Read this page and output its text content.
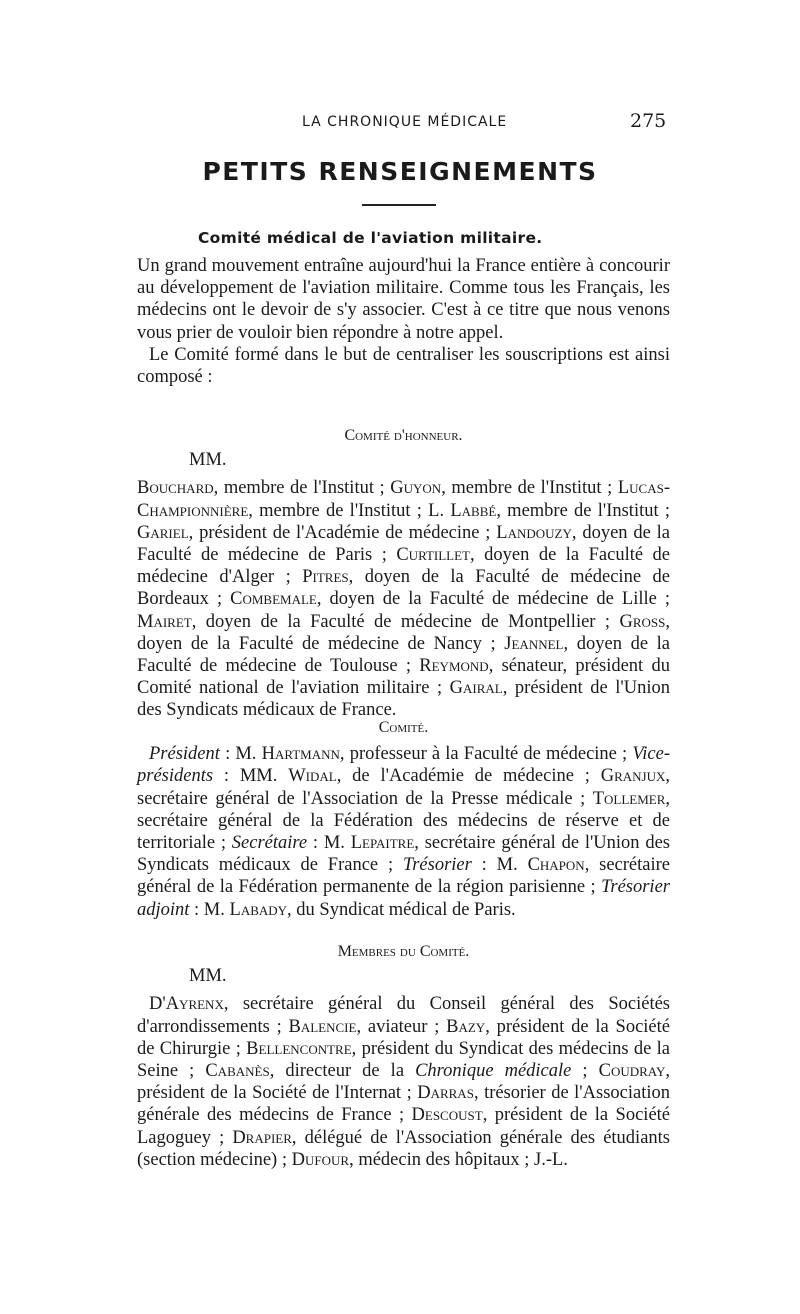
LA CHRONIQUE MÉDICALE	275
PETITS RENSEIGNEMENTS
Comité médical de l'aviation militaire.

Un grand mouvement entraîne aujourd'hui la France entière à concourir au développement de l'aviation militaire. Comme tous les Français, les médecins ont le devoir de s'y associer. C'est à ce titre que nous venons vous prier de vouloir bien répondre à notre appel.

Le Comité formé dans le but de centraliser les souscriptions est ainsi composé :

Comité d'honneur.

MM.

Bouchard, membre de l'Institut ; Guyon, membre de l'Institut ; Lucas-Championnière, membre de l'Institut ; L. Labbé, membre de l'Institut ; Gariel, président de l'Académie de médecine ; Landouzy, doyen de la Faculté de médecine de Paris ; Curtillet, doyen de la Faculté de médecine d'Alger ; Pitres, doyen de la Faculté de médecine de Bordeaux ; Combemale, doyen de la Faculté de médecine de Lille ; Mairet, doyen de la Faculté de médecine de Montpellier ; Gross, doyen de la Faculté de médecine de Nancy ; Jeannel, doyen de la Faculté de médecine de Toulouse ; Reymond, sénateur, président du Comité national de l'aviation militaire ; Gairal, président de l'Union des Syndicats médicaux de France.

Comité.

Président : M. Hartmann, professeur à la Faculté de médecine ; Vice-présidents : MM. Widal, de l'Académie de médecine ; Granjux, secrétaire général de l'Association de la Presse médicale ; Tollemer, secrétaire général de la Fédération des médecins de réserve et de territoriale ; Secrétaire : M. Lepaitre, secrétaire général de l'Union des Syndicats médicaux de France ; Trésorier : M. Chapon, secrétaire général de la Fédération permanente de la région parisienne ; Trésorier adjoint : M. Labady, du Syndicat médical de Paris.

Membres du Comité.

MM.

D'Ayrenx, secrétaire général du Conseil général des Sociétés d'arrondissements ; Balencie, aviateur ; Bazy, président de la Société de Chirurgie ; Bellencontre, président du Syndicat des médecins de la Seine ; Cabanès, directeur de la Chronique médicale ; Coudray, président de la Société de l'Internat ; Darras, trésorier de l'Association générale des médecins de France ; Descoust, président de la Société Lagoguey ; Drapier, délégué de l'Association générale des étudiants (section médecine) ; Dufour, médecin des hôpitaux ; J.-L.
